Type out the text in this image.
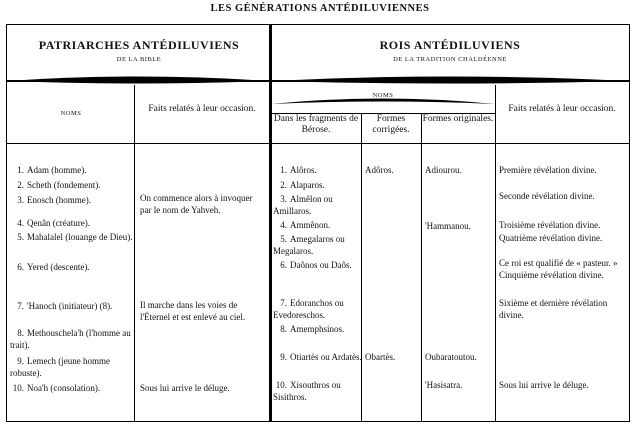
LES GÉNÉRATIONS ANTÉDILUVIENNES
PATRIARCHES ANTÉDILUVIENS
DE LA BIBLE
NOMS	Faits relatés à leur occasion.
ROIS ANTÉDILUVIENS
DE LA TRADITION CHALDÉENNE
NOMS
Dans les fragments de Bérose.
Formes corrigées.
Formes originales.
Faits relatés à leur occasion.
1. Adam (homme).
2. Scheth (fondement).
3. Enosch (homme).
4. Qenân (créature).
5. Mahalalel (louange de Dieu).
6. Yered (descente).
7. 'Hanoch (initiateur) (8).
8. Methouschela'h (l'homme au trait).
9. Lemech (jeune homme robuste).
10. Noa'h (consolation).
On commence alors à invoquer par le nom de Yahveh.
Il marche dans les voies de l'Éternel et est enlevé au ciel.
Sous lui arrive le déluge.
1. Alôros.
2. Alaparos.
3. Almêlon ou Amillaros.
4. Ammênon.
5. Amegalaros ou Megalaros.
6. Daônos ou Daôs.
7. Edoranchos ou Evedoreschos.
8. Amemphsinos.
9. Otiartès ou Ardatès.
10. Xisouthros ou Sisithros.
Adôros.
Obartès.
Adiourou.
'Hammanou.
Oubaratoutou.
'Hasisatra.
Première révélation divine.
Seconde révélation divine.
Troisième révélation divine.
Quatrième révélation divine.
Ce roi est qualifié de « pasteur. » Cinquième révélation divine.
Sixième et dernière révélation divine.
Sous lui arrive le déluge.
